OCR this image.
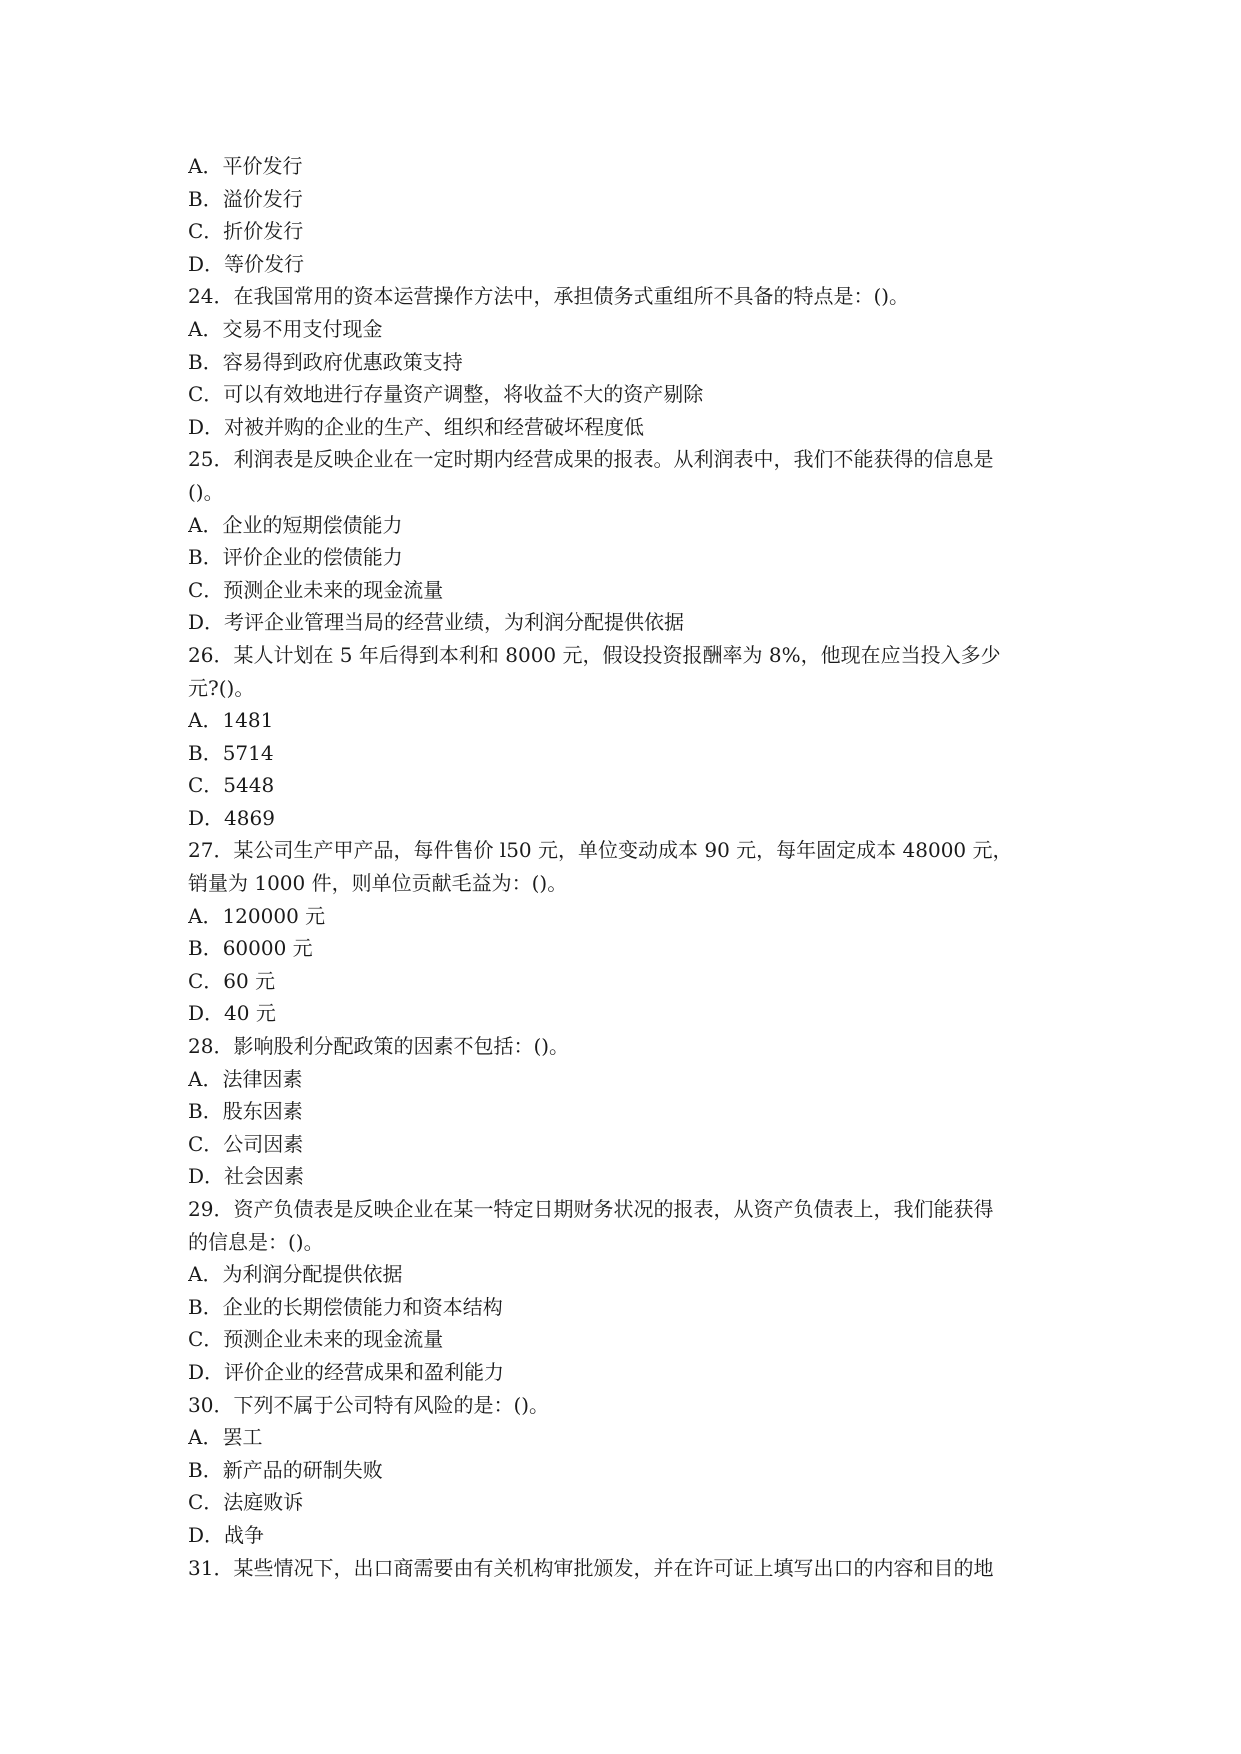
A．平价发行
B．溢价发行
C．折价发行
D．等价发行
24．在我国常用的资本运营操作方法中，承担债务式重组所不具备的特点是：()。
A．交易不用支付现金
B．容易得到政府优惠政策支持
C．可以有效地进行存量资产调整，将收益不大的资产剔除
D．对被并购的企业的生产、组织和经营破坏程度低
25．利润表是反映企业在一定时期内经营成果的报表。从利润表中，我们不能获得的信息是
()。
A．企业的短期偿债能力
B．评价企业的偿债能力
C．预测企业未来的现金流量
D．考评企业管理当局的经营业绩，为利润分配提供依据
26．某人计划在 5 年后得到本利和 8000 元，假设投资报酬率为 8%，他现在应当投入多少
元?()。
A．1481
B．5714
C．5448
D．4869
27．某公司生产甲产品，每件售价 l50 元，单位变动成本 90 元，每年固定成本 48000 元，
销量为 1000 件，则单位贡献毛益为：()。
A．120000 元
B．60000 元
C．60 元
D．40 元
28．影响股利分配政策的因素不包括：()。
A．法律因素
B．股东因素
C．公司因素
D．社会因素
29．资产负债表是反映企业在某一特定日期财务状况的报表，从资产负债表上，我们能获得
的信息是：()。
A．为利润分配提供依据
B．企业的长期偿债能力和资本结构
C．预测企业未来的现金流量
D．评价企业的经营成果和盈利能力
30．下列不属于公司特有风险的是：()。
A．罢工
B．新产品的研制失败
C．法庭败诉
D．战争
31．某些情况下，出口商需要由有关机构审批颁发，并在许可证上填写出口的内容和目的地
